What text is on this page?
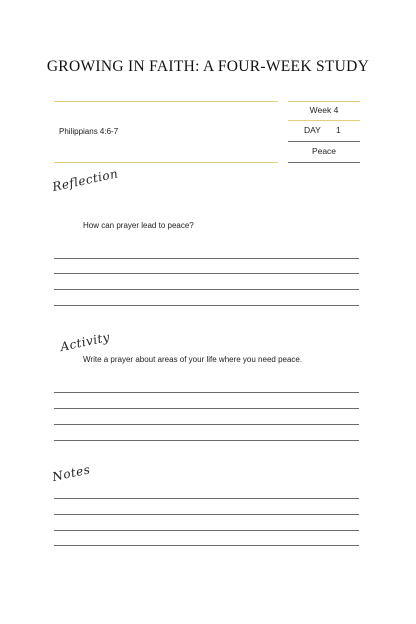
GROWING IN FAITH: A FOUR-WEEK STUDY
Philippians 4:6-7
Week 4
DAY 1
Peace
Reflection
How can prayer lead to peace?
Activity
Write a prayer about areas of your life where you need peace.
Notes
